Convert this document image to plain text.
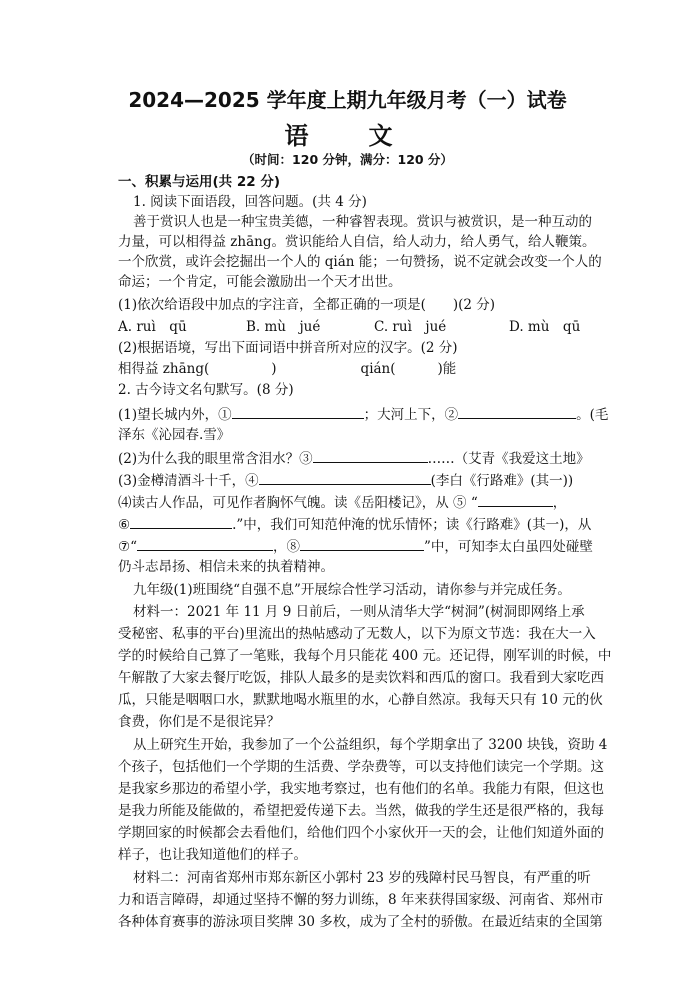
2024—2025 学年度上期九年级月考（一）试卷
语　文
（时间：120 分钟，满分：120 分）
一、积累与运用(共 22 分)
1. 阅读下面语段，回答问题。(共 4 分)
善于赏识人也是一种宝贵美德，一种睿智表现。赏识与被赏识，是一种互动的
力量，可以相得益 zhāng。赏识能给人自信，给人动力，给人勇气，给人鞭策。
一个欣赏，或许会挖掘出一个人的 qián 能；一句赞扬，说不定就会改变一个人的
命运；一个肯定，可能会激励出一个天才出世。
(1)依次给语段中加点的字注音，全都正确的一项是(　　)(2 分)
A. ruì　qū	B. mù　jué	C. ruì　jué	D. mù　qū
(2)根据语境，写出下面词语中拼音所对应的汉字。(2 分)
相得益 zhāng(	)	qián(	)能
2. 古今诗文名句默写。(8 分)
(1)望长城内外，①	；大河上下，②	。(毛
泽东《沁园春.雪》
(2)为什么我的眼里常含泪水？③	……（艾青《我爱这土地》
(3)金樽清酒斗十千，④	(李白《行路难》(其一))
⑷读古人作品，可见作者胸怀气魄。读《岳阳楼记》，从 ⑤ “	，
⑥	.”中，我们可知范仲淹的忧乐情怀；读《行路难》(其一)，从
⑦“	，⑧	”中，可知李太白虽四处碰壁
仍斗志昂扬、相信未来的执着精神。
九年级(1)班围绕“自强不息”开展综合性学习活动，请你参与并完成任务。
材料一：2021 年 11 月 9 日前后，一则从清华大学“树洞”(树洞即网络上承
受秘密、私事的平台)里流出的热帖感动了无数人，以下为原文节选：我在大一入
学的时候给自己算了一笔账，我每个月只能花 400 元。还记得，刚军训的时候，中
午解散了大家去餐厅吃饭，排队人最多的是卖饮料和西瓜的窗口。我看到大家吃西
瓜，只能是咽咽口水，默默地喝水瓶里的水，心静自然凉。我每天只有 10 元的伙
食费，你们是不是很诧异？
从上研究生开始，我参加了一个公益组织，每个学期拿出了 3200 块钱，资助 4
个孩子，包括他们一个学期的生活费、学杂费等，可以支持他们读完一个学期。这
是我家乡那边的希望小学，我实地考察过，也有他们的名单。我能力有限，但这也
是我力所能及能做的，希望把爱传递下去。当然，做我的学生还是很严格的，我每
学期回家的时候都会去看他们，给他们四个小家伙开一天的会，让他们知道外面的
样子，也让我知道他们的样子。
材料二：河南省郑州市郑东新区小郭村 23 岁的残障村民马智良，有严重的听
力和语言障碍，却通过坚持不懈的努力训练，8 年来获得国家级、河南省、郑州市
各种体育赛事的游泳项目奖牌 30 多枚，成为了全村的骄傲。在最近结束的全国第
